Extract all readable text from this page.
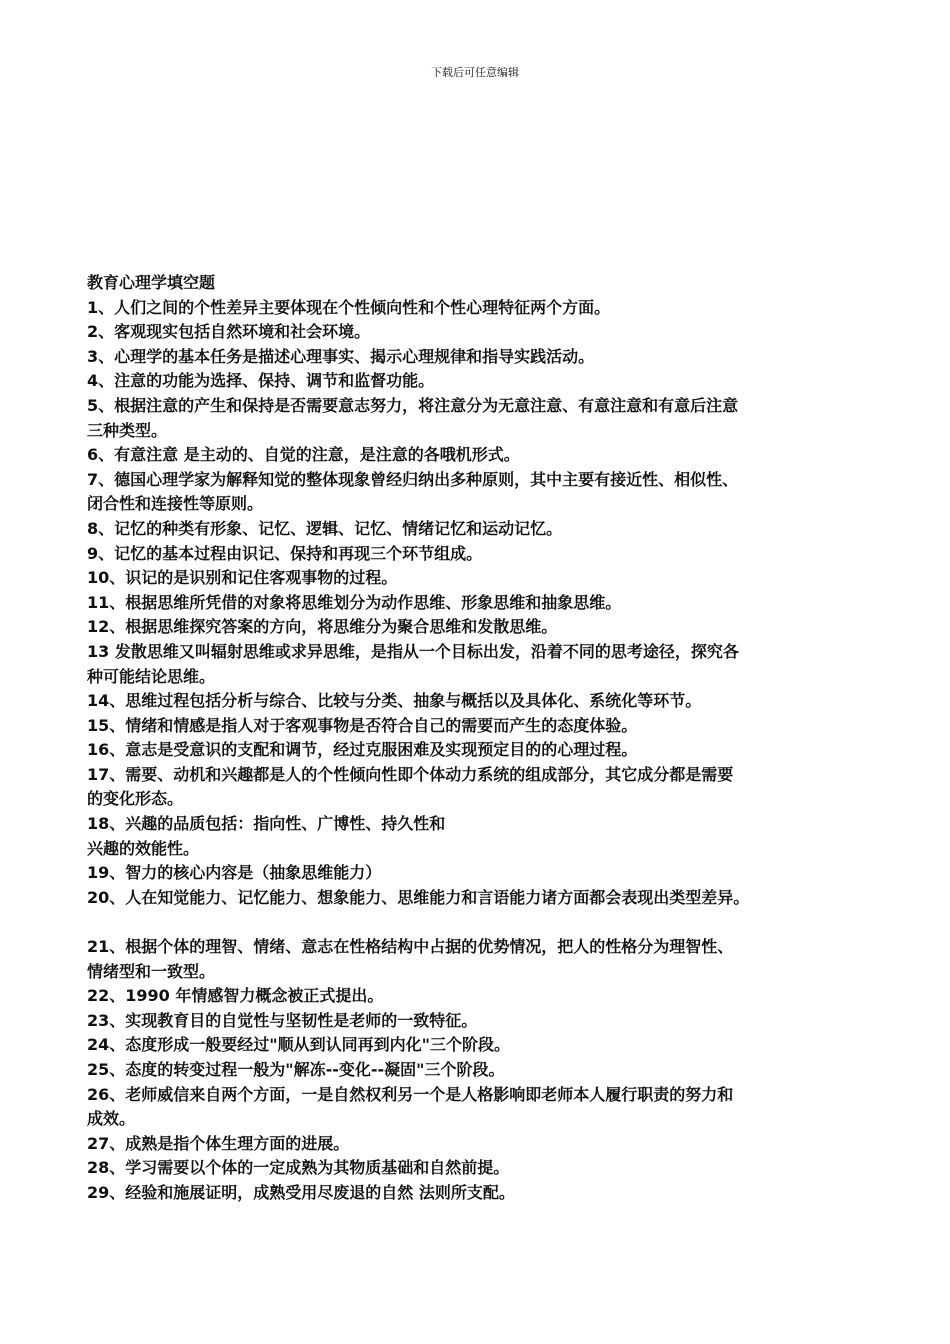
下载后可任意编辑

教育心理学填空题

1、人们之间的个性差异主要体现在个性倾向性和个性心理特征两个方面。

2、客观现实包括自然环境和社会环境。

3、心理学的基本任务是描述心理事实、揭示心理规律和指导实践活动。

4、注意的功能为选择、保持、调节和监督功能。

5、根据注意的产生和保持是否需要意志努力，将注意分为无意注意、有意注意和有意后注意

三种类型。

6、有意注意 是主动的、自觉的注意，是注意的各哦机形式。

7、德国心理学家为解释知觉的整体现象曾经归纳出多种原则，其中主要有接近性、相似性、

闭合性和连接性等原则。

8、记忆的种类有形象、记忆、逻辑、记忆、情绪记忆和运动记忆。

9、记忆的基本过程由识记、保持和再现三个环节组成。

10、识记的是识别和记住客观事物的过程。

11、根据思维所凭借的对象将思维划分为动作思维、形象思维和抽象思维。

12、根据思维探究答案的方向，将思维分为聚合思维和发散思维。

13 发散思维又叫辐射思维或求异思维，是指从一个目标出发，沿着不同的思考途径，探究各

种可能结论思维。

14、思维过程包括分析与综合、比较与分类、抽象与概括以及具体化、系统化等环节。

15、情绪和情感是指人对于客观事物是否符合自己的需要而产生的态度体验。

16、意志是受意识的支配和调节，经过克服困难及实现预定目的的心理过程。

17、需要、动机和兴趣都是人的个性倾向性即个体动力系统的组成部分，其它成分都是需要

的变化形态。

18、兴趣的品质包括：指向性、广博性、持久性和

兴趣的效能性。

19、智力的核心内容是（抽象思维能力）

20、人在知觉能力、记忆能力、想象能力、思维能力和言语能力诸方面都会表现出类型差异。

21、根据个体的理智、情绪、意志在性格结构中占据的优势情况，把人的性格分为理智性、

情绪型和一致型。

22、1990 年情感智力概念被正式提出。

23、实现教育目的自觉性与坚韧性是老师的一致特征。

24、态度形成一般要经过"顺从到认同再到内化"三个阶段。

25、态度的转变过程一般为"解冻--变化--凝固"三个阶段。

26、老师威信来自两个方面，一是自然权利另一个是人格影响即老师本人履行职责的努力和

成效。

27、成熟是指个体生理方面的进展。

28、学习需要以个体的一定成熟为其物质基础和自然前提。

29、经验和施展证明，成熟受用尽废退的自然 法则所支配。
